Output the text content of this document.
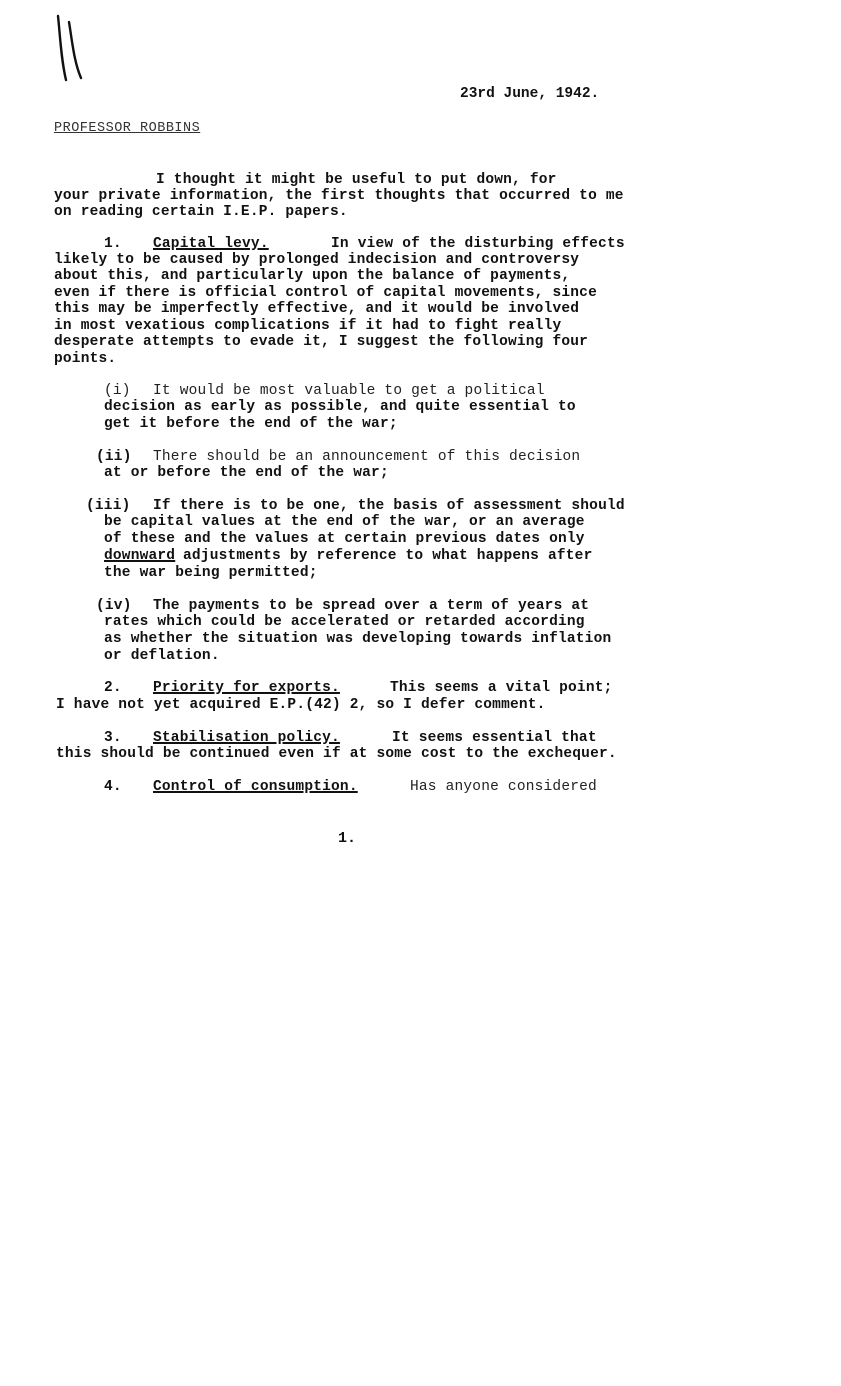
23rd June, 1942.
PROFESSOR ROBBINS
I thought it might be useful to put down, for
your private information, the first thoughts that occurred to me
on reading certain I.E.P. papers.
1. Capital levy.	In view of the disturbing effects
likely to be caused by prolonged indecision and controversy
about this, and particularly upon the balance of payments,
even if there is official control of capital movements, since
this may be imperfectly effective, and it would be involved
in most vexatious complications if it had to fight really
desperate attempts to evade it, I suggest the following four
points.
(i) It would be most valuable to get a political
decision as early as possible, and quite essential to
get it before the end of the war;
(ii) There should be an announcement of this decision
at or before the end of the war;
(iii) If there is to be one, the basis of assessment should
be capital values at the end of the war, or an average
of these and the values at certain previous dates only
downward adjustments by reference to what happens after
the war being permitted;
(iv) The payments to be spread over a term of years at
rates which could be accelerated or retarded according
as whether the situation was developing towards inflation
or deflation.
2. Priority for exports.	This seems a vital point;
I have not yet acquired E.P.(42) 2, so I defer comment.
3. Stabilisation policy.	It seems essential that
this should be continued even if at some cost to the exchequer.
4. Control of consumption.	Has anyone considered
1.
